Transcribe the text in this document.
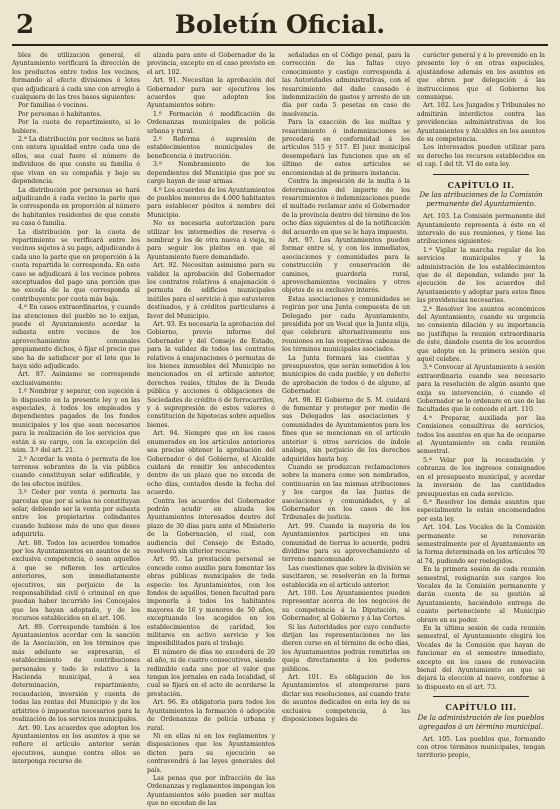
2	Boletín Oficial.

bles de utilización general, el Ayuntamiento verificará la dirección de los productos entre todos los vecinos, formando al efecto divisiones ó lotes que adjudicará á cada uno con arreglo á cualquiera de las tres bases siguientes:

Por familias ó vecinos.

Por personas ó habitantes.

Por la cuota de repartimiento, si lo hubiere.

2.ª La distribución por vecinos se hará con entera igualdad entre cada uno de ellos, sea cual fuere el número de individuos de que conste su familia ó que vivan en su compañía y bajo su dependencia.

La distribución por personas se hará adjudicando á cada vecino la parte que le corresponda en proporción al número de habitantes residentes de que conste su casa ó familia.

La distribución por la cuota de repartimiento se verificará entre los vecinos sujetos á su pago, adjudicando á cada uno la parte que en proporción á la cuota repartida le corresponda. En este caso se adjudicará á los vecinos pobres exceptuados del pago una porción que no exceda de la que corresponda al contribuyente por cuota más baja.

4.ª En casos extraordinarios, y cuando las atenciones del pueblo no lo exijan, puede el Ayuntamiento acordar la subasta entre vecinos de los aprovechamientos comunales propiamente dichos, ó fijar el precio que uno ha de satisfacer por el lote que le haya sido adjudicado.

Art. 87. Asimismo se corresponde exclusivamente:

1.º Nombrar y separar, con sujeción á lo dispuesto en la presente ley y en las especiales, á todos los empleados y dependientes pagados de los fondos municipales y los que sean necesarios para la realización de los servicios que están á su cargo, con la excepción del núm. 3.º del art. 21.

2.º Acordar la venta ó permuta de los terrenos sobrantes de la vía pública cuando constituyan solar edificable, y de los efectos inútiles.

3.º Ceder por venta ó permuta las parcelas que por sí solas no constituyan solar, debiendo ser la venta por subasta entre los propietarios colindantes cuando hubiese más de uno que desee adquirirla.

Art. 88. Todos los acuerdos tomados por los Ayuntamientos en asuntos de su exclusiva competencia, ó sean aquellos á que se refieren los artículos anteriores, son inmediatamente ejecutivos, sin perjuicio de la responsabilidad civil ó criminal en que puedan haber incurrido los Concejales que los hayan adoptado, y de los recursos establecidos en el art. 106.

Art. 89. Corresponde también á los Ayuntamientos acordar con la sanción de la Asociación, en los términos que más adelante se expresarán, el establecimiento de contribuciones personales y todo lo relativo á la Hacienda municipal, á sea determinación, repartimiento, recaudación, inversión y cuenta de todas las rentas del Municipio y de los arbitrios ó impuestos necesarios para la realización de los servicios municipales.

Art. 90. Los acuerdos que adopten los Ayuntamientos en los asuntos á que se refiere el artículo anterior serán ejecutivos, aunque contra ellos se interponga recurso de

alzada para ante el Gobernador de la provincia, excepto en el caso previsto en el art. 102.

Art. 91. Necesitan la aprobación del Gobernador para ser ejecutivos los acuerdos que adopten los Ayuntamientos sobre:

1.º Formación ó modificación de Ordenanzas municipales de policía urbana y rural.

2.º Reforma ó supresión de establecimientos municipales de beneficencia ó instrucción.

3.º Nombramiento de los dependientes del Municipio que por su cargo hayan de usar armas.

4.º Los acuerdos de los Ayuntamientos de pueblos menores de 4.000 habitantes para establecer pósitos á nombre del Municipio.

No es necesaria autorización para utilizar los intermedios de reserva ó nombrar y los de otra nueva á vieja, ni para seguir los pleitos en que el Ayuntamiento fuere demandado.

Art. 92. Necesitan asimismo para su validez la aprobación del Gobernador los contratos relativos á enajenación ó permuta de edificios municipales inútiles para el servicio á que estuvieren destinados, y á créditos particulares á favor del Municipio.

Art. 93. Es necesaria la aprobación del Gobierno, previo informe del Gobernador y del Consejo de Estado, para la validez de todos los contratos relativos á enajenaciones ó permutas de los bienes inmuebles del Municipio no mencionados en el artículo anterior, derechos reales, títulos de la Deuda pública y acciones ú obligaciones de Sociedades de crédito ó de ferrocarriles, y á suprepresión de estos valores ó constitución de hipotecas sobre aquellos bienes.

Art. 94. Siempre que en los casos enumerados en los artículos anteriores sea preciso obtener la aprobación del Gobernador ó del Gobierno, el Alcalde cuidará de remitir los antecedentes dentro de un plazo que no exceda de ocho días, contados desde la fecha del acuerdo.

Contra los acuerdos del Gobernador podrán acudir en alzada los Ayuntamientos interesados dentro del plazo de 30 días para ante el Ministerio de la Gobernación, el cual, con audiencia del Consejo de Estado, resolverá sin ulterior recurso.

Art. 95. La prestación personal se concede como auxilio para fomentar las obras públicas municipales de toda especie: los Ayuntamientos, con los fondos de aquéllos, tienen facultad para imponerla á todos los habitantes mayores de 16 y menores de 50 años, exceptuando los acogidos en los establecimientos de caridad, los militares en activo servicio y los imposibilitados para el trabajo.

El número de días no excederá de 20 al año, ni de cuatro consecutivos, siendo redimible cada uno por el valor que tengan los jornales en cada localidad, el cual se fijará en el acto de acordarse la prestación.

Art. 96. Es obligatoria para todos los Ayuntamientos la formación ó adopción de Ordenanzas de policía urbana y rural.

Ni en ellas ni en los reglamentos y disposiciones que los Ayuntamientos dicten para su ejecución se contravendrá á las leyes generales del país.

Las penas que por infracción de las Ordenanzas y reglamentos impongan los Ayuntamientos sólo pueden ser multas que no excedan de las

señaladas en el Código penal, para la corrección de las faltas cuyo conocimiento y castigo corresponda á las Autoridades administrativas, con el resarcimiento del daño causado é indemnización de gastos y arresto de un día por cada 5 pesetas en caso de insolvencia.

Para la exacción de las multas y resarcimiento ó indemnizaciones se procederá en conformidad á los artículos 515 y 517. El juez municipal desempeñará las funciones que en el último de estos artículos se encomiendan al de primera instancia.

Contra la imposición de la multa ó la determinación del importe de los resarcimientos ó indemnizaciones puede el multado reclamar ante el Gobernador de la provincia dentro del término de los ocho días siguientes al de la notificación del acuerdo en que se le haya impuesto.

Art. 97. Los Ayuntamientos pueden formar entre sí, y con los inmediatos, asociaciones y comunidades para la construcción y conservación de caminos, guardería rural, aprovechamientos vecinales y otros objetos de su exclusivo interés.

Estas asociaciones y comunidades se regirán por una Junta compuesta de un Delegado por cada Ayuntamiento, presidida por un Vocal que la Junta elija, que celebrará alternativamente sus reuniones en las respectivas cabezas de los términos municipales asociados.

La Junta formará las cuentas y presupuestos, que serán sometidos á los municipios de cada pueblo, y en defecto de aprobación de todos ó de alguno, al Gobernador.

Art. 98. El Gobierno de S. M. cuidará de fomentar y proteger por medio de sus Delegados las asociaciones y comunidades de Ayuntamientos para los fines que se mencionan en el artículo anterior ú otros servicios de índole análoga, sin perjuicio de los derechos adquiridos hasta hoy.

Cuando se produzcan reclamaciones sobre la manera como son nombrados, continuarán en las mismas atribuciones y los cargos de las Juntas de asociaciones y comunidades, y al Gobernador en los casos de los Tribunales de justicia.

Art. 99. Cuando la mayoría de los Ayuntamientos participes en una comunidad de tierras lo acuerde, podrá dividirse para su aprovechamiento el terreno mancomunado.

Las cuestiones que sobre la división se suscitaren, se resolverán en la forma establecida en el artículo anterior.

Art. 100. Los Ayuntamientos pueden representar acerca de los negocios de su competencia á la Diputación, al Gobernador, al Gobierno y á las Cortes.

Si las Autoridades por cuyo conducto dirijan las representaciones no las dieren curso en el término de ocho días, los Ayuntamientos podrán remitirlas en queja directamente á los poderes públicos.

Art. 101. Es obligación de los Ayuntamientos el atemperarse para dictar sus resoluciones, así cuando trate de asuntos dedicados en esta ley de su exclusiva competencia, á las disposiciones legales de

carácter general y á lo prevenido en la presente ley ó en otras especiales, ajustándose además en los asuntos en que obren por delegación á las instrucciones que el Gobierno les comunique.

Art. 102. Los Juzgados y Tribunales no admitirán interdictos contra las providencias administrativas de los Ayuntamientos y Alcaldes en los asuntos de su competencia.

Los interesados pueden utilizar para su derecho los recursos establecidos en el cap. I del tít. VI de esta ley.

CAPÍTULO II.
De las atribuciones de la Comisión permanente del Ayuntamiento.

Art. 103. La Comisión permanente del Ayuntamiento representa á éste en el intervalo de sus reuniones, y tiene las atribuciones siguientes:

1.ª Vigilar la marcha regular de los servicios municipales y la administración de los establecimientos que de él dependan, velando por la ejecución de los acuerdos del Ayuntamiento y adoptar para estos fines las providencias necesarias.

2.ª Resolver los asuntos económicos del Ayuntamiento, cuando su urgencia no consienta dilación y su importancia no justifique la reunión extraordinaria de éste, dándole cuenta de los acuerdos que adopte en la primera sesión que aquél celebre.

3.ª Convocar al Ayuntamiento á sesión extraordinaria cuando sea necesario para la resolución de algún asunto que exija su intervención, ó cuando el Gobernador se lo ordenare en uso de las facultades que le concede el art. 110.

4.ª Preparar, auxiliada por las Comisiones consultivas de servicios, todos los asuntos en que ha de ocuparse el Ayuntamiento en cada reunión semestral.

5.ª Velar por la recaudación y cobranza de los ingresos consignados en el presupuesto municipal, y acordar la inversión de las cantidades presupuestas en cada servicio.

6.ª Resolver los demás asuntos que especialmente le están encomendados por esta ley.

Art. 104. Los Vocales de la Comisión permanente se renovarán semestralmente por el Ayuntamiento en la forma determinada en los artículos 70 al 74, pudiendo ser reelegidos.

En la primera sesión de cada reunión semestral, resignarán sus cargos los Vocales de la Comisión permanente y darán cuenta de su gestión al Ayuntamiento, haciéndolo entrega de cuanto perteneciente al Municipio obrare en su poder.

En la última sesión de cada reunión semestral, el Ayuntamiento elegirá los Vocales de la Comisión que hayan de funcionar en el semestre inmediato, excepto en los casos de renovación bienal del Ayuntamiento en que se dejará la elección al nuevo, conforme á lo dispuesto en el art. 73.

CAPÍTULO III.
De la administración de los pueblos agregados á un término municipal.

Art. 105. Los pueblos que, formando con otros términos municipales, tengan territorio propio,
